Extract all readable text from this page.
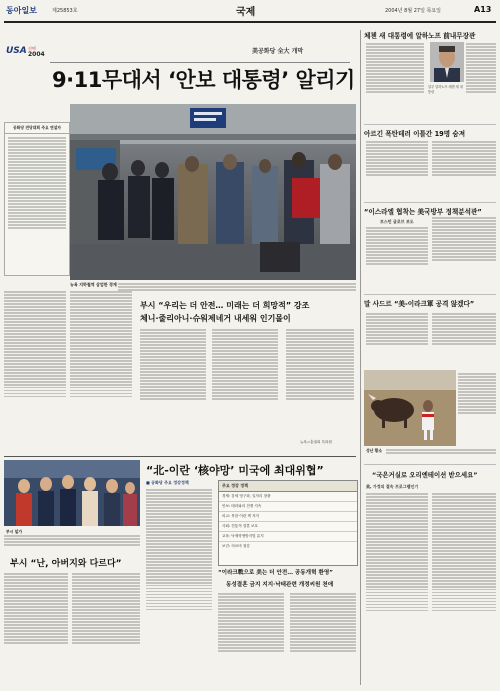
동아일보	제25853호	국제	2004년 8월 27일 목요일	A13
USA 선택
2004	美공화당 全大 개막
9·11무대서 ‘안보 대통령’ 알리기
공화당 전당대회 주요 연설자
뉴욕 지하철역 삼엄한 경계
부시 “우리는 더 안전… 미래는 더 희망적” 강조
체니·줄리아니·슈워제네거 내세워 인기몰이
뉴욕=홍권희 특파원
체첸 새 대통령에 알하노프 前내무장관
알루 알하노프 체첸 새 대통령
아르긴 폭탄테러 이틀간 19명 숨져
“이스라엘 협착는 美국방부 정책분석관”
보스턴 글로브 보도
말 사드르 “美-이라크軍 공격 않겠다”
성난 황소
“국은거실로 오리엔테이션 받으세요”
美, 가정의 결속 프로그램인기
부시 일가
부시 “난, 아버지와 다르다”
“北-이란 ‘核야망’ 미국에 최대위협”
■ 공화당 주요 정강정책
주요 정강 정책
경제: 감세 영구화, 일자리 창출
안보: 테러와의 전쟁 지속
외교: 북한·이란 핵 저지
사회: 전통적 결혼 보호
교육: 낙제학생방지법 유지
보건: 의료비 절감
“이라크戰으로 美는 더 안전… 공동개혁 환영”
동성결혼 금지 지지·낙태관련 개정씨원 천애
